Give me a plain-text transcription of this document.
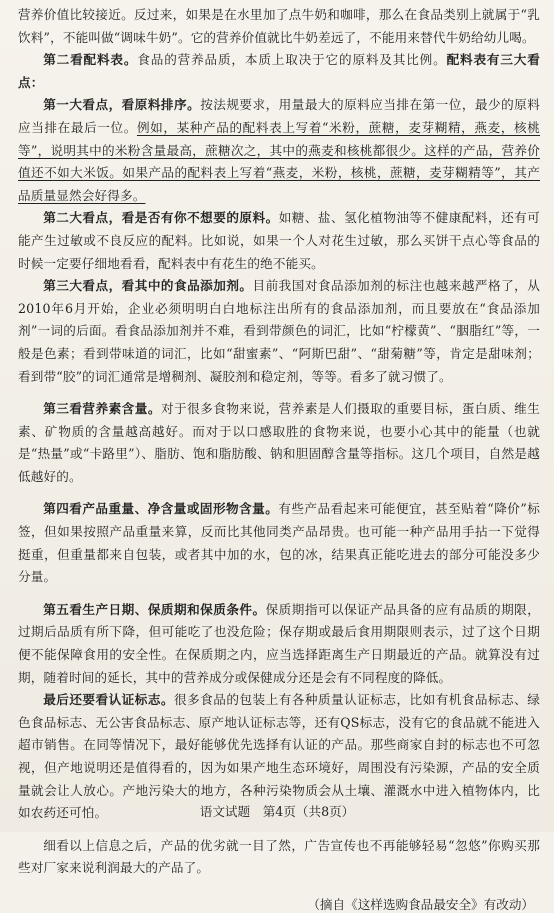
营养价值比较接近。反过来，如果是在水里加了点牛奶和咖啡，那么在食品类别上就属于“乳饮料”，不能叫做“调味牛奶”。它的营养价值就比牛奶差远了，不能用来替代牛奶给幼儿喝。

第二看配料表。食品的营养品质，本质上取决于它的原料及其比例。配料表有三大看点：

第一大看点，看原料排序。按法规要求，用量最大的原料应当排在第一位，最少的原料应当排在最后一位。例如，某种产品的配料表上写着“米粉，蔗糖，麦芽糊精，燕麦，核桃等”，说明其中的米粉含量最高，蔗糖次之，其中的燕麦和核桃都很少。这样的产品，营养价值还不如大米饭。如果产品的配料表上写着“燕麦，米粉，核桃，蔗糖，麦芽糊精等”，其产品质量显然会好得多。

第二大看点，看是否有你不想要的原料。如糖、盐、氢化植物油等不健康配料，还有可能产生过敏或不良反应的配料。比如说，如果一个人对花生过敏，那么买饼干点心等食品的时候一定要仔细地看看，配料表中有花生的绝不能买。

第三大看点，看其中的食品添加剂。目前我国对食品添加剂的标注也越来越严格了，从2010年6月开始，企业必须明明白白地标注出所有的食品添加剂，而且要放在“食品添加剂”一词的后面。看食品添加剂并不难，看到带颜色的词汇，比如“柠檬黄”、“胭脂红”等，一般是色素；看到带味道的词汇，比如“甜蜜素”、“阿斯巴甜”、“甜菊糖”等，肯定是甜味剂；看到带“胶”的词汇通常是增稠剂、凝胶剂和稳定剂，等等。看多了就习惯了。

第三看营养素含量。对于很多食物来说，营养素是人们摄取的重要目标，蛋白质、维生素、矿物质的含量越高越好。而对于以口感取胜的食物来说，也要小心其中的能量（也就是“热量”或“卡路里”）、脂肪、饱和脂肪酸、钠和胆固醇含量等指标。这几个项目，自然是越低越好的。

第四看产品重量、净含量或固形物含量。有些产品看起来可能便宜，甚至贴着“降价”标签，但如果按照产品重量来算，反而比其他同类产品昂贵。也可能一种产品用手拈一下觉得挺重，但重量都来自包装，或者其中加的水，包的冰，结果真正能吃进去的部分可能没多少分量。

第五看生产日期、保质期和保质条件。保质期指可以保证产品具备的应有品质的期限，过期后品质有所下降，但可能吃了也没危险；保存期或最后食用期限则表示，过了这个日期便不能保障食用的安全性。在保质期之内，应当选择距离生产日期最近的产品。就算没有过期，随着时间的延长，其中的营养成分或保健成分还是会有不同程度的降低。

最后还要看认证标志。很多食品的包装上有各种质量认证标志，比如有机食品标志、绿色食品标志、无公害食品标志、原产地认证标志等，还有QS标志，没有它的食品就不能进入超市销售。在同等情况下，最好能够优先选择有认证的产品。那些商家自封的标志也不可忽视，但产地说明还是值得看的，因为如果产地生态环境好，周围没有污染源，产品的安全质量就会让人放心。产地污染大的地方，各种污染物质会从土壤、灌溉水中进入植物体内，比如农药还可怕。

细看以上信息之后，产品的优劣就一目了然，广告宣传也不再能够轻易“忽悠”你购买那些对厂家来说利润最大的产品了。

（摘自《这样选购食品最安全》有改动）

语文试题　第4页（共8页）
